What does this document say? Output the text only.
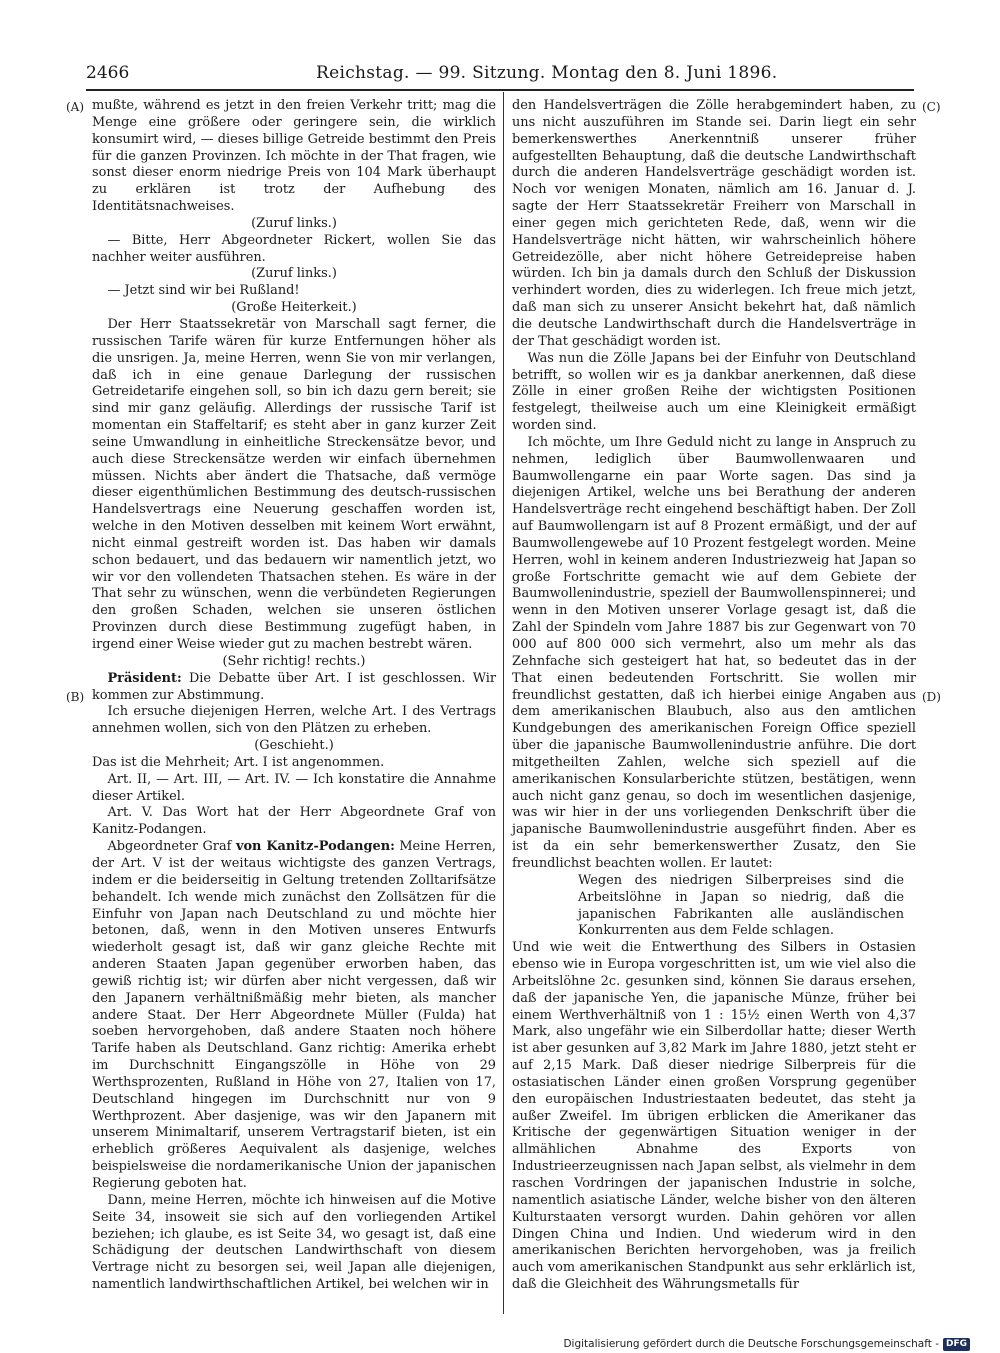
2466	Reichstag. — 99. Sitzung. Montag den 8. Juni 1896.
(A)
(B)
(C)
(D)

mußte, während es jetzt in den freien Verkehr tritt; mag die Menge eine größere oder geringere sein, die wirklich konsumirt wird, — dieses billige Getreide bestimmt den Preis für die ganzen Provinzen. Ich möchte in der That fragen, wie sonst dieser enorm niedrige Preis von 104 Mark überhaupt zu erklären ist trotz der Aufhebung des Identitätsnachweises.

(Zuruf links.)

— Bitte, Herr Abgeordneter Rickert, wollen Sie das nachher weiter ausführen.

(Zuruf links.)

— Jetzt sind wir bei Rußland!

(Große Heiterkeit.)

Der Herr Staatssekretär von Marschall sagt ferner, die russischen Tarife wären für kurze Entfernungen höher als die unsrigen. Ja, meine Herren, wenn Sie von mir verlangen, daß ich in eine genaue Darlegung der russischen Getreidetarife eingehen soll, so bin ich dazu gern bereit; sie sind mir ganz geläufig. Allerdings der russische Tarif ist momentan ein Staffeltarif; es steht aber in ganz kurzer Zeit seine Umwandlung in einheitliche Streckensätze bevor, und auch diese Streckensätze werden wir einfach übernehmen müssen. Nichts aber ändert die Thatsache, daß vermöge dieser eigenthümlichen Bestimmung des deutsch-russischen Handelsvertrags eine Neuerung geschaffen worden ist, welche in den Motiven desselben mit keinem Wort erwähnt, nicht einmal gestreift worden ist. Das haben wir damals schon bedauert, und das bedauern wir namentlich jetzt, wo wir vor den vollendeten Thatsachen stehen. Es wäre in der That sehr zu wünschen, wenn die verbündeten Regierungen den großen Schaden, welchen sie unseren östlichen Provinzen durch diese Bestimmung zugefügt haben, in irgend einer Weise wieder gut zu machen bestrebt wären.

(Sehr richtig! rechts.)

Präsident: Die Debatte über Art. I ist geschlossen. Wir kommen zur Abstimmung.

Ich ersuche diejenigen Herren, welche Art. I des Vertrags annehmen wollen, sich von den Plätzen zu erheben.

(Geschieht.)

Das ist die Mehrheit; Art. I ist angenommen.

Art. II, — Art. III, — Art. IV. — Ich konstatire die Annahme dieser Artikel.

Art. V. Das Wort hat der Herr Abgeordnete Graf von Kanitz-Podangen.

Abgeordneter Graf von Kanitz-Podangen: Meine Herren, der Art. V ist der weitaus wichtigste des ganzen Vertrags, indem er die beiderseitig in Geltung tretenden Zolltarifsätze behandelt. Ich wende mich zunächst den Zollsätzen für die Einfuhr von Japan nach Deutschland zu und möchte hier betonen, daß, wenn in den Motiven unseres Entwurfs wiederholt gesagt ist, daß wir ganz gleiche Rechte mit anderen Staaten Japan gegenüber erworben haben, das gewiß richtig ist; wir dürfen aber nicht vergessen, daß wir den Japanern verhältnißmäßig mehr bieten, als mancher andere Staat. Der Herr Abgeordnete Müller (Fulda) hat soeben hervorgehoben, daß andere Staaten noch höhere Tarife haben als Deutschland. Ganz richtig: Amerika erhebt im Durchschnitt Eingangszölle in Höhe von 29 Werthsprozenten, Rußland in Höhe von 27, Italien von 17, Deutschland hingegen im Durchschnitt nur von 9 Werthprozent. Aber dasjenige, was wir den Japanern mit unserem Minimaltarif, unserem Vertragstarif bieten, ist ein erheblich größeres Aequivalent als dasjenige, welches beispielsweise die nordamerikanische Union der japanischen Regierung geboten hat.

Dann, meine Herren, möchte ich hinweisen auf die Motive Seite 34, insoweit sie sich auf den vorliegenden Artikel beziehen; ich glaube, es ist Seite 34, wo gesagt ist, daß eine Schädigung der deutschen Landwirthschaft von diesem Vertrage nicht zu besorgen sei, weil Japan alle diejenigen, namentlich landwirthschaftlichen Artikel, bei welchen wir in

den Handelsverträgen die Zölle herabgemindert haben, zu uns nicht auszuführen im Stande sei. Darin liegt ein sehr bemerkenswerthes Anerkenntniß unserer früher aufgestellten Behauptung, daß die deutsche Landwirthschaft durch die anderen Handelsverträge geschädigt worden ist. Noch vor wenigen Monaten, nämlich am 16. Januar d. J. sagte der Herr Staatssekretär Freiherr von Marschall in einer gegen mich gerichteten Rede, daß, wenn wir die Handelsverträge nicht hätten, wir wahrscheinlich höhere Getreidezölle, aber nicht höhere Getreidepreise haben würden. Ich bin ja damals durch den Schluß der Diskussion verhindert worden, dies zu widerlegen. Ich freue mich jetzt, daß man sich zu unserer Ansicht bekehrt hat, daß nämlich die deutsche Landwirthschaft durch die Handelsverträge in der That geschädigt worden ist.

Was nun die Zölle Japans bei der Einfuhr von Deutschland betrifft, so wollen wir es ja dankbar anerkennen, daß diese Zölle in einer großen Reihe der wichtigsten Positionen festgelegt, theilweise auch um eine Kleinigkeit ermäßigt worden sind.

Ich möchte, um Ihre Geduld nicht zu lange in Anspruch zu nehmen, lediglich über Baumwollenwaaren und Baumwollengarne ein paar Worte sagen. Das sind ja diejenigen Artikel, welche uns bei Berathung der anderen Handelsverträge recht eingehend beschäftigt haben. Der Zoll auf Baumwollengarn ist auf 8 Prozent ermäßigt, und der auf Baumwollengewebe auf 10 Prozent festgelegt worden. Meine Herren, wohl in keinem anderen Industriezweig hat Japan so große Fortschritte gemacht wie auf dem Gebiete der Baumwollenindustrie, speziell der Baumwollenspinnerei; und wenn in den Motiven unserer Vorlage gesagt ist, daß die Zahl der Spindeln vom Jahre 1887 bis zur Gegenwart von 70 000 auf 800 000 sich vermehrt, also um mehr als das Zehnfache sich gesteigert hat hat, so bedeutet das in der That einen bedeutenden Fortschritt. Sie wollen mir freundlichst gestatten, daß ich hierbei einige Angaben aus dem amerikanischen Blaubuch, also aus den amtlichen Kundgebungen des amerikanischen Foreign Office speziell über die japanische Baumwollenindustrie anführe. Die dort mitgetheilten Zahlen, welche sich speziell auf die amerikanischen Konsularberichte stützen, bestätigen, wenn auch nicht ganz genau, so doch im wesentlichen dasjenige, was wir hier in der uns vorliegenden Denkschrift über die japanische Baumwollenindustrie ausgeführt finden. Aber es ist da ein sehr bemerkenswerther Zusatz, den Sie freundlichst beachten wollen. Er lautet:

Wegen des niedrigen Silberpreises sind die Arbeitslöhne in Japan so niedrig, daß die japanischen Fabrikanten alle ausländischen Konkurrenten aus dem Felde schlagen.

Und wie weit die Entwerthung des Silbers in Ostasien ebenso wie in Europa vorgeschritten ist, um wie viel also die Arbeitslöhne 2c. gesunken sind, können Sie daraus ersehen, daß der japanische Yen, die japanische Münze, früher bei einem Werthverhältniß von 1 : 15½ einen Werth von 4,37 Mark, also ungefähr wie ein Silberdollar hatte; dieser Werth ist aber gesunken auf 3,82 Mark im Jahre 1880, jetzt steht er auf 2,15 Mark. Daß dieser niedrige Silberpreis für die ostasiatischen Länder einen großen Vorsprung gegenüber den europäischen Industriestaaten bedeutet, das steht ja außer Zweifel. Im übrigen erblicken die Amerikaner das Kritische der gegenwärtigen Situation weniger in der allmählichen Abnahme des Exports von Industrieerzeugnissen nach Japan selbst, als vielmehr in dem raschen Vordringen der japanischen Industrie in solche, namentlich asiatische Länder, welche bisher von den älteren Kulturstaaten versorgt wurden. Dahin gehören vor allen Dingen China und Indien. Und wiederum wird in den amerikanischen Berichten hervorgehoben, was ja freilich auch vom amerikanischen Standpunkt aus sehr erklärlich ist, daß die Gleichheit des Währungsmetalls für

Digitalisierung gefördert durch die Deutsche Forschungsgemeinschaft - DFG
